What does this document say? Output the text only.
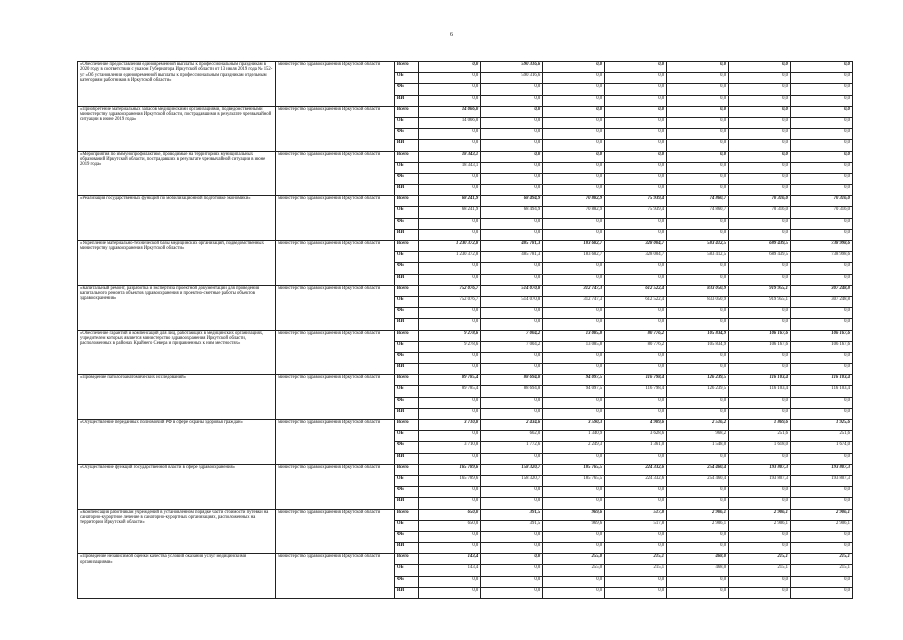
6
«Обеспечение предоставления единовременной выплаты к профессиональным праздникам в 2020 году в соответствии с указом Губернатора Иркутской области от 13 июля 2019 года № 152-уг «Об установлении единовременной выплаты к профессиональным праздникам отдельным категориям работников в Иркутской области»	министерство здравоохранения Иркутской области	Всего	0,0	590 316,6	0,0	0,0	0,0	0,0	0,0
		ОБ	0,0	590 316,6	0,0	0,0	0,0	0,0	0,0
		ФБ	0,0	0,0	0,0	0,0	0,0	0,0	0,0
		ИИ	0,0	0,0	0,0	0,0	0,0	0,0	0,0
«Приобретение материальных запасов медицинскими организациями, подведомственными министерству здравоохранения Иркутской области, пострадавшими в результате чрезвычайной ситуации в июне 2019 года»	министерство здравоохранения Иркутской области	Всего	14 066,0	0,0	0,0	0,0	0,0	0,0	0,0
		ОБ	14 066,0	0,0	0,0	0,0	0,0	0,0	0,0
		ФБ	0,0	0,0	0,0	0,0	0,0	0,0	0,0
		ИИ	0,0	0,0	0,0	0,0	0,0	0,0	0,0
«Мероприятия по иммунопрофилактике, проводимые на территориях муниципальных образований Иркутской области, пострадавших в результате чрезвычайной ситуации в июне 2019 года»	министерство здравоохранения Иркутской области	Всего	18 343,1	0,0	0,0	0,0	0,0	0,0	0,0
		ОБ	18 343,1	0,0	0,0	0,0	0,0	0,0	0,0
		ФБ	0,0	0,0	0,0	0,0	0,0	0,0	0,0
		ИИ	0,0	0,0	0,0	0,0	0,0	0,0	0,0
«Реализация государственных функций по мобилизационной подготовке экономики»	министерство здравоохранения Иркутской области	Всего	68 241,9	68 494,9	70 882,9	75 939,4	74 860,7	70 316,0	70 316,0
		ОБ	68 241,9	68 494,9	70 882,9	75 939,4	74 860,7	70 316,0	70 316,0
		ФБ	0,0	0,0	0,0	0,0	0,0	0,0	0,0
		ИИ	0,0	0,0	0,0	0,0	0,0	0,0	0,0
«Укрепление материально-технической базы медицинских организаций, подведомственных министерству здравоохранения Иркутской области»	министерство здравоохранения Иркутской области	Всего	1 230 372,8	485 781,3	183 682,7	328 004,7	583 412,5	689 439,5	738 998,6
		ОБ	1 230 372,8	485 781,3	183 682,7	328 004,7	583 412,5	689 439,5	738 998,6
		ФБ	0,0	0,0	0,0	0,0	0,0	0,0	0,0
		ИИ	0,0	0,0	0,0	0,0	0,0	0,0	0,0
«Капитальный ремонт, разработка и экспертиза проектной документации для проведения капитального ремонта объектов здравоохранения и проектно-сметные работы объектов здравоохранения»	министерство здравоохранения Иркутской области	Всего	752 076,7	514 070,8	312 747,3	612 522,4	833 050,9	919 955,1	307 248,8
		ОБ	752 076,7	514 070,8	312 747,3	612 522,4	833 050,9	919 955,1	307 248,8
		ФБ	0,0	0,0	0,0	0,0	0,0	0,0	0,0
		ИИ	0,0	0,0	0,0	0,0	0,0	0,0	0,0
«Обеспечение гарантий и компенсаций для лиц, работающих в медицинских организациях, учредителем которых является министерство здравоохранения Иркутской области, расположенных в районах Крайнего Севера и приравненных к ним местностях»	министерство здравоохранения Иркутской области	Всего	9 278,6	7 004,2	13 085,8	80 776,2	105 834,9	106 167,6	106 167,6
		ОБ	9 278,6	7 004,2	13 085,8	80 776,2	105 834,9	106 167,6	106 167,6
		ФБ	0,0	0,0	0,0	0,0	0,0	0,0	0,0
		ИИ	0,0	0,0	0,0	0,0	0,0	0,0	0,0
«Проведение патологоанатомических исследований»	министерство здравоохранения Иркутской области	Всего	89 785,4	88 694,8	94 097,5	116 798,4	126 239,5	116 103,4	116 103,4
		ОБ	89 785,4	88 694,8	94 097,5	116 798,4	126 239,5	116 103,4	116 103,4
		ФБ	0,0	0,0	0,0	0,0	0,0	0,0	0,0
		ИИ	0,0	0,0	0,0	0,0	0,0	0,0	0,0
«Осуществление переданных полномочий РФ в сфере охраны здоровья граждан»	министерство здравоохранения Иркутской области	Всего	3 710,8	2 434,6	3 590,3	4 989,6	2 516,2	1 869,6	1 925,6
		ОБ	0,0	662,0	1 340,9	3 628,6	968,2	251,6	251,6
		ФБ	3 710,8	1 772,6	2 249,3	1 361,0	1 548,0	1 618,0	1 674,0
		ИИ	0,0	0,0	0,0	0,0	0,0	0,0	0,0
«Осуществление функций государственной власти в сфере здравоохранения»	министерство здравоохранения Иркутской области	Всего	165 789,6	158 320,7	185 765,5	224 332,6	254 460,4	193 807,3	193 807,3
		ОБ	165 789,6	158 320,7	185 765,5	224 332,6	254 460,4	193 807,3	193 807,3
		ФБ	0,0	0,0	0,0	0,0	0,0	0,0	0,0
		ИИ	0,0	0,0	0,0	0,0	0,0	0,0	0,0
«Компенсация работникам учреждений в установленном порядке части стоимости путевки на санаторно-курортное лечение в санаторно-курортных организациях, расположенных на территории Иркутской области»	министерство здравоохранения Иркутской области	Всего	650,0	391,5	969,6	517,8	2 906,1	2 906,1	2 906,1
		ОБ	650,0	391,5	969,6	517,8	2 906,1	2 906,1	2 906,1
		ФБ	0,0	0,0	0,0	0,0	0,0	0,0	0,0
		ИИ	0,0	0,0	0,0	0,0	0,0	0,0	0,0
«Проведение независимой оценки качества условий оказания услуг медицинскими организациями»	министерство здравоохранения Иркутской области	Всего	143,4	0,0	255,0	215,1	468,0	215,1	215,1
		ОБ	143,4	0,0	255,0	215,1	468,0	215,1	215,1
		ФБ	0,0	0,0	0,0	0,0	0,0	0,0	0,0
		ИИ	0,0	0,0	0,0	0,0	0,0	0,0	0,0
